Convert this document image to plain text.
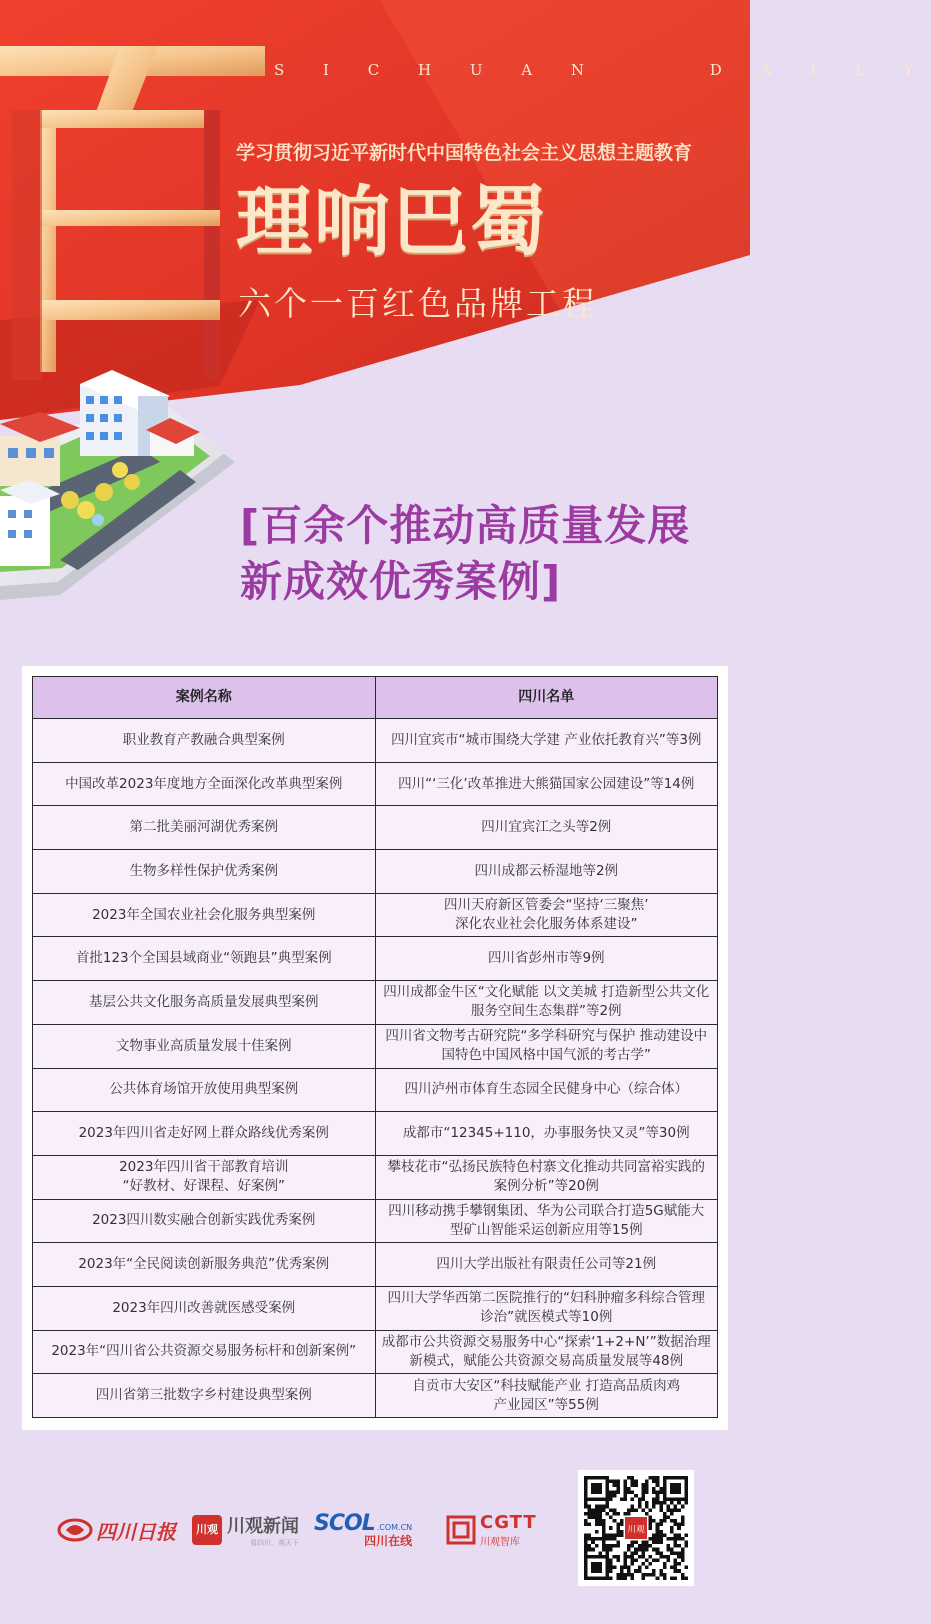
S I C H U A N     D A I L Y
学习贯彻习近平新时代中国特色社会主义思想主题教育
理响巴蜀
六个一百红色品牌工程
[百余个推动高质量发展
新成效优秀案例]
案例名称	四川名单
职业教育产教融合典型案例	四川宜宾市“城市围绕大学建 产业依托教育兴”等3例
中国改革2023年度地方全面深化改革典型案例	四川“‘三化’改革推进大熊猫国家公园建设”等14例
第二批美丽河湖优秀案例	四川宜宾江之头等2例
生物多样性保护优秀案例	四川成都云桥湿地等2例
2023年全国农业社会化服务典型案例	四川天府新区管委会“坚持‘三聚焦’
深化农业社会化服务体系建设”
首批123个全国县域商业“领跑县”典型案例	四川省彭州市等9例
基层公共文化服务高质量发展典型案例	四川成都金牛区“文化赋能 以文美城 打造新型公共文化服务空间生态集群”等2例
文物事业高质量发展十佳案例	四川省文物考古研究院“多学科研究与保护 推动建设中国特色中国风格中国气派的考古学”
公共体育场馆开放使用典型案例	四川泸州市体育生态园全民健身中心（综合体）
2023年四川省走好网上群众路线优秀案例	成都市“12345+110，办事服务快又灵”等30例
2023年四川省干部教育培训
“好教材、好课程、好案例”	攀枝花市“弘扬民族特色村寨文化推动共同富裕实践的案例分析”等20例
2023四川数实融合创新实践优秀案例	四川移动携手攀钢集团、华为公司联合打造5G赋能大型矿山智能采运创新应用等15例
2023年“全民阅读创新服务典范”优秀案例	四川大学出版社有限责任公司等21例
2023年四川改善就医感受案例	四川大学华西第二医院推行的“妇科肿瘤多科综合管理诊治”就医模式等10例
2023年“四川省公共资源交易服务标杆和创新案例”	成都市公共资源交易服务中心“探索‘1+2+N’”数据治理新模式，赋能公共资源交易高质量发展等48例
四川省第三批数字乡村建设典型案例	自贡市大安区“科技赋能产业 打造高品质肉鸡
产业园区”等55例
四川日报	川观 川观新闻
看四川，观天下
SCOL .COM.CN
四川在线
CGTT
川观智库
川观
